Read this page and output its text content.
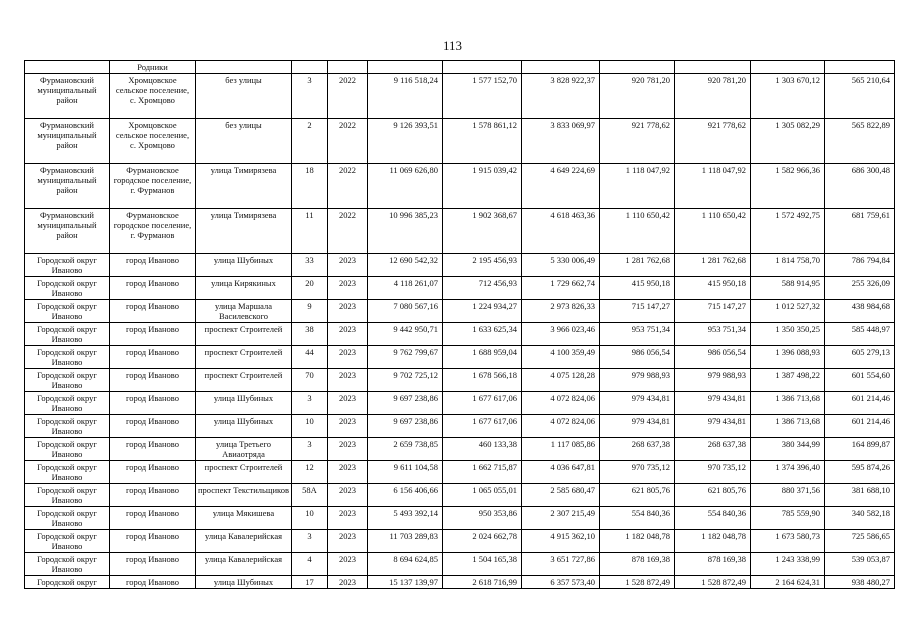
113
	Родники										
Фурмановский муниципальный район	Хромцовское сельское поселение, с. Хромцово	без улицы	3	2022	9 116 518,24	1 577 152,70	3 828 922,37	920 781,20	920 781,20	1 303 670,12	565 210,64
Фурмановский муниципальный район	Хромцовское сельское поселение, с. Хромцово	без улицы	2	2022	9 126 393,51	1 578 861,12	3 833 069,97	921 778,62	921 778,62	1 305 082,29	565 822,89
Фурмановский муниципальный район	Фурмановское городское поселение, г. Фурманов	улица Тимирязева	18	2022	11 069 626,80	1 915 039,42	4 649 224,69	1 118 047,92	1 118 047,92	1 582 966,36	686 300,48
Фурмановский муниципальный район	Фурмановское городское поселение, г. Фурманов	улица Тимирязева	11	2022	10 996 385,23	1 902 368,67	4 618 463,36	1 110 650,42	1 110 650,42	1 572 492,75	681 759,61
Городской округ Иваново	город Иваново	улица Шубиных	33	2023	12 690 542,32	2 195 456,93	5 330 006,49	1 281 762,68	1 281 762,68	1 814 758,70	786 794,84
Городской округ Иваново	город Иваново	улица Кирякиных	20	2023	4 118 261,07	712 456,93	1 729 662,74	415 950,18	415 950,18	588 914,95	255 326,09
Городской округ Иваново	город Иваново	улица Маршала Василевского	9	2023	7 080 567,16	1 224 934,27	2 973 826,33	715 147,27	715 147,27	1 012 527,32	438 984,68
Городской округ Иваново	город Иваново	проспект Строителей	38	2023	9 442 950,71	1 633 625,34	3 966 023,46	953 751,34	953 751,34	1 350 350,25	585 448,97
Городской округ Иваново	город Иваново	проспект Строителей	44	2023	9 762 799,67	1 688 959,04	4 100 359,49	986 056,54	986 056,54	1 396 088,93	605 279,13
Городской округ Иваново	город Иваново	проспект Строителей	70	2023	9 702 725,12	1 678 566,18	4 075 128,28	979 988,93	979 988,93	1 387 498,22	601 554,60
Городской округ Иваново	город Иваново	улица Шубиных	3	2023	9 697 238,86	1 677 617,06	4 072 824,06	979 434,81	979 434,81	1 386 713,68	601 214,46
Городской округ Иваново	город Иваново	улица Шубиных	10	2023	9 697 238,86	1 677 617,06	4 072 824,06	979 434,81	979 434,81	1 386 713,68	601 214,46
Городской округ Иваново	город Иваново	улица Третьего Авиаотряда	3	2023	2 659 738,85	460 133,38	1 117 085,86	268 637,38	268 637,38	380 344,99	164 899,87
Городской округ Иваново	город Иваново	проспект Строителей	12	2023	9 611 104,58	1 662 715,87	4 036 647,81	970 735,12	970 735,12	1 374 396,40	595 874,26
Городской округ Иваново	город Иваново	проспект Текстильщиков	58А	2023	6 156 406,66	1 065 055,01	2 585 680,47	621 805,76	621 805,76	880 371,56	381 688,10
Городской округ Иваново	город Иваново	улица Мякишева	10	2023	5 493 392,14	950 353,86	2 307 215,49	554 840,36	554 840,36	785 559,90	340 582,18
Городской округ Иваново	город Иваново	улица Кавалерийская	3	2023	11 703 289,83	2 024 662,78	4 915 362,10	1 182 048,78	1 182 048,78	1 673 580,73	725 586,65
Городской округ Иваново	город Иваново	улица Кавалерийская	4	2023	8 694 624,85	1 504 165,38	3 651 727,86	878 169,38	878 169,38	1 243 338,99	539 053,87
Городской округ	город Иваново	улица Шубиных	17	2023	15 137 139,97	2 618 716,99	6 357 573,40	1 528 872,49	1 528 872,49	2 164 624,31	938 480,27
